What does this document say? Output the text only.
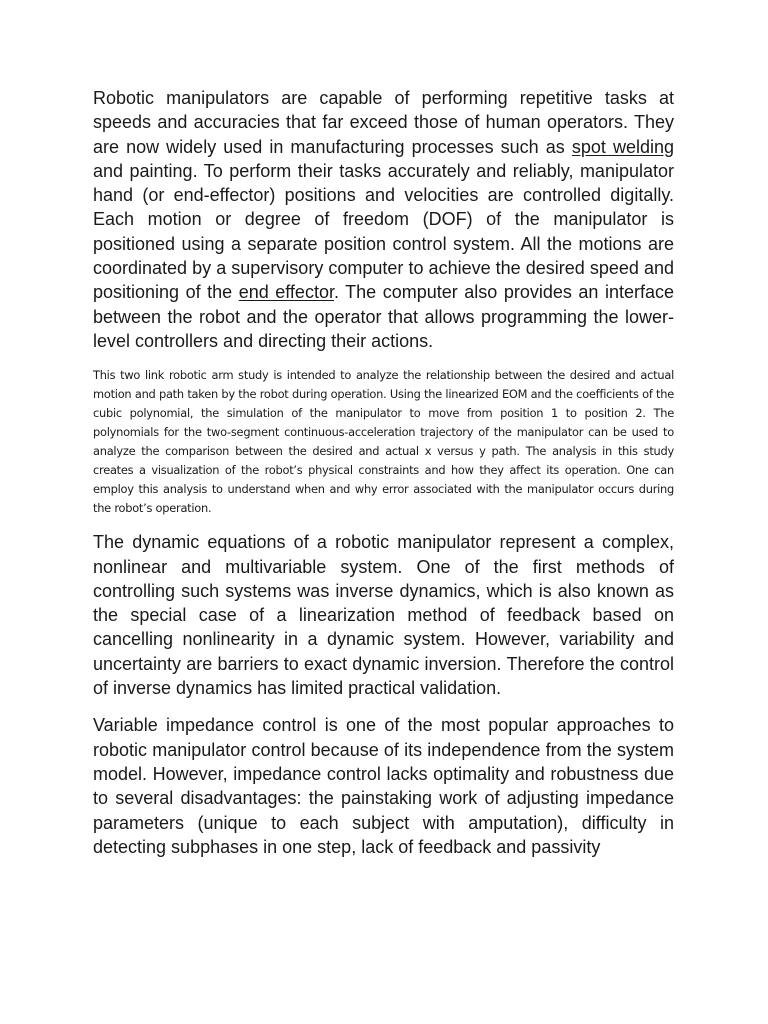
Robotic manipulators are capable of performing repetitive tasks at speeds and accuracies that far exceed those of human operators. They are now widely used in manufacturing processes such as spot welding and painting. To perform their tasks accurately and reliably, manipulator hand (or end-effector) positions and velocities are controlled digitally. Each motion or degree of freedom (DOF) of the manipulator is positioned using a separate position control system. All the motions are coordinated by a supervisory computer to achieve the desired speed and positioning of the end effector. The computer also provides an interface between the robot and the operator that allows programming the lower-level controllers and directing their actions.

This two link robotic arm study is intended to analyze the relationship between the desired and actual motion and path taken by the robot during operation. Using the linearized EOM and the coefficients of the cubic polynomial, the simulation of the manipulator to move from position 1 to position 2. The polynomials for the two-segment continuous-acceleration trajectory of the manipulator can be used to analyze the comparison between the desired and actual x versus y path. The analysis in this study creates a visualization of the robot’s physical constraints and how they affect its operation. One can employ this analysis to understand when and why error associated with the manipulator occurs during the robot’s operation.

The dynamic equations of a robotic manipulator represent a complex, nonlinear and multivariable system. One of the first methods of controlling such systems was inverse dynamics, which is also known as the special case of a linearization method of feedback based on cancelling nonlinearity in a dynamic system. However, variability and uncertainty are barriers to exact dynamic inversion. Therefore the control of inverse dynamics has limited practical validation.

Variable impedance control is one of the most popular approaches to robotic manipulator control because of its independence from the system model. However, impedance control lacks optimality and robustness due to several disadvantages: the painstaking work of adjusting impedance parameters (unique to each subject with amputation), difficulty in detecting subphases in one step, lack of feedback and passivity
